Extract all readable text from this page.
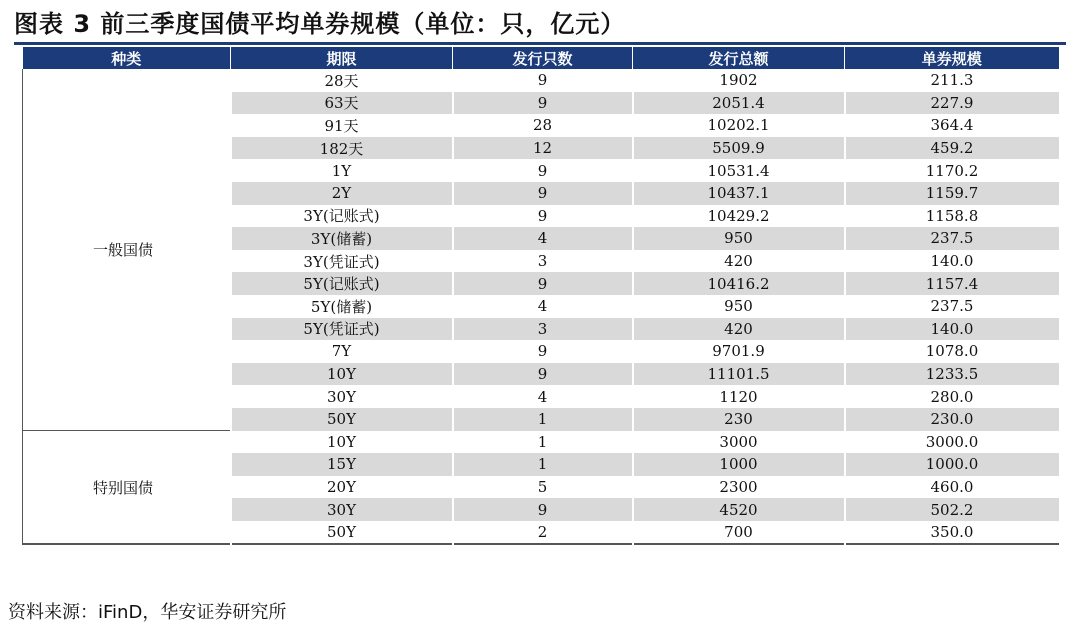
图表 3 前三季度国债平均单券规模（单位：只，亿元）
种类	期限	发行只数	发行总额	单券规模
一般国债	28天	9	1902	211.3
	63天	9	2051.4	227.9
	91天	28	10202.1	364.4
	182天	12	5509.9	459.2
	1Y	9	10531.4	1170.2
	2Y	9	10437.1	1159.7
	3Y(记账式)	9	10429.2	1158.8
	3Y(储蓄)	4	950	237.5
	3Y(凭证式)	3	420	140.0
	5Y(记账式)	9	10416.2	1157.4
	5Y(储蓄)	4	950	237.5
	5Y(凭证式)	3	420	140.0
	7Y	9	9701.9	1078.0
	10Y	9	11101.5	1233.5
	30Y	4	1120	280.0
	50Y	1	230	230.0
特别国债	10Y	1	3000	3000.0
	15Y	1	1000	1000.0
	20Y	5	2300	460.0
	30Y	9	4520	502.2
	50Y	2	700	350.0
资料来源：iFinD，华安证券研究所
